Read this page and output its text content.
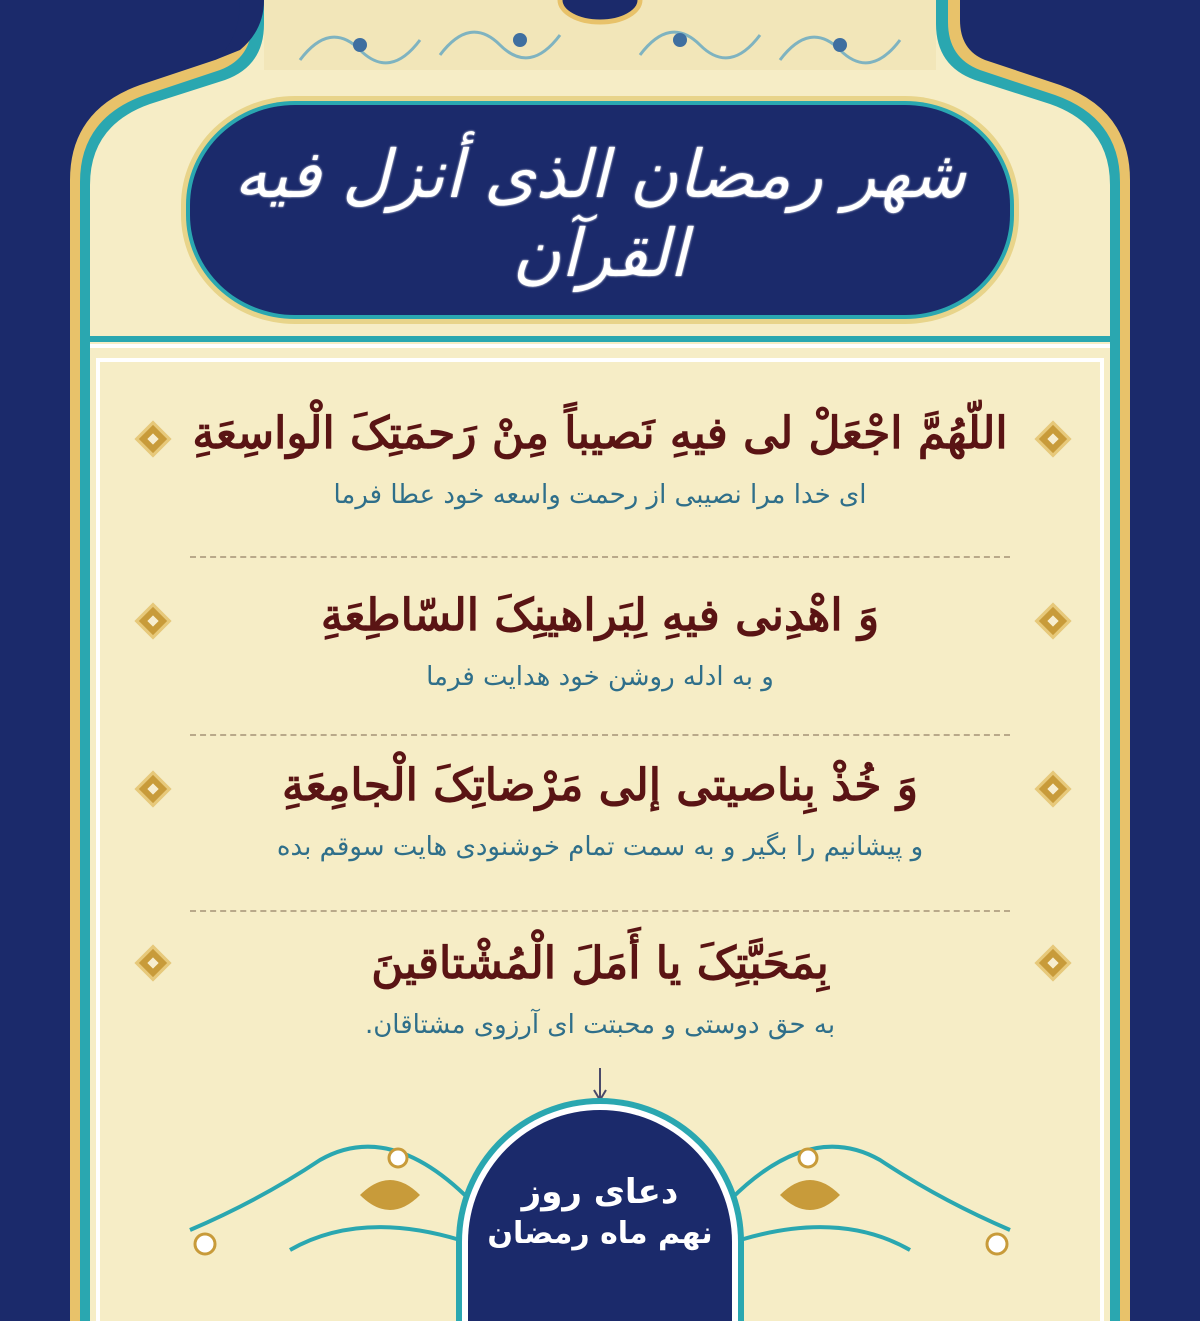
شهر رمضان الذی أنزل فیه القرآن
اللّهُمَّ اجْعَلْ لی فیهِ نَصیباً مِنْ رَحمَتِکَ الْواسِعَةِ
ای خدا مرا نصیبی از رحمت واسعه خود عطا فرما
وَ اهْدِنی فیهِ لِبَراهینِکَ السّاطِعَةِ
و به ادله روشن خود هدایت فرما
وَ خُذْ بِناصیتی إلی مَرْضاتِکَ الْجامِعَةِ
و پیشانیم را بگیر و به سمت تمام خوشنودی هایت سوقم بده
بِمَحَبَّتِکَ یا أَمَلَ الْمُشْتاقینَ
به حق دوستی و محبتت ای آرزوی مشتاقان.
دعای روز
نهم ماه رمضان
